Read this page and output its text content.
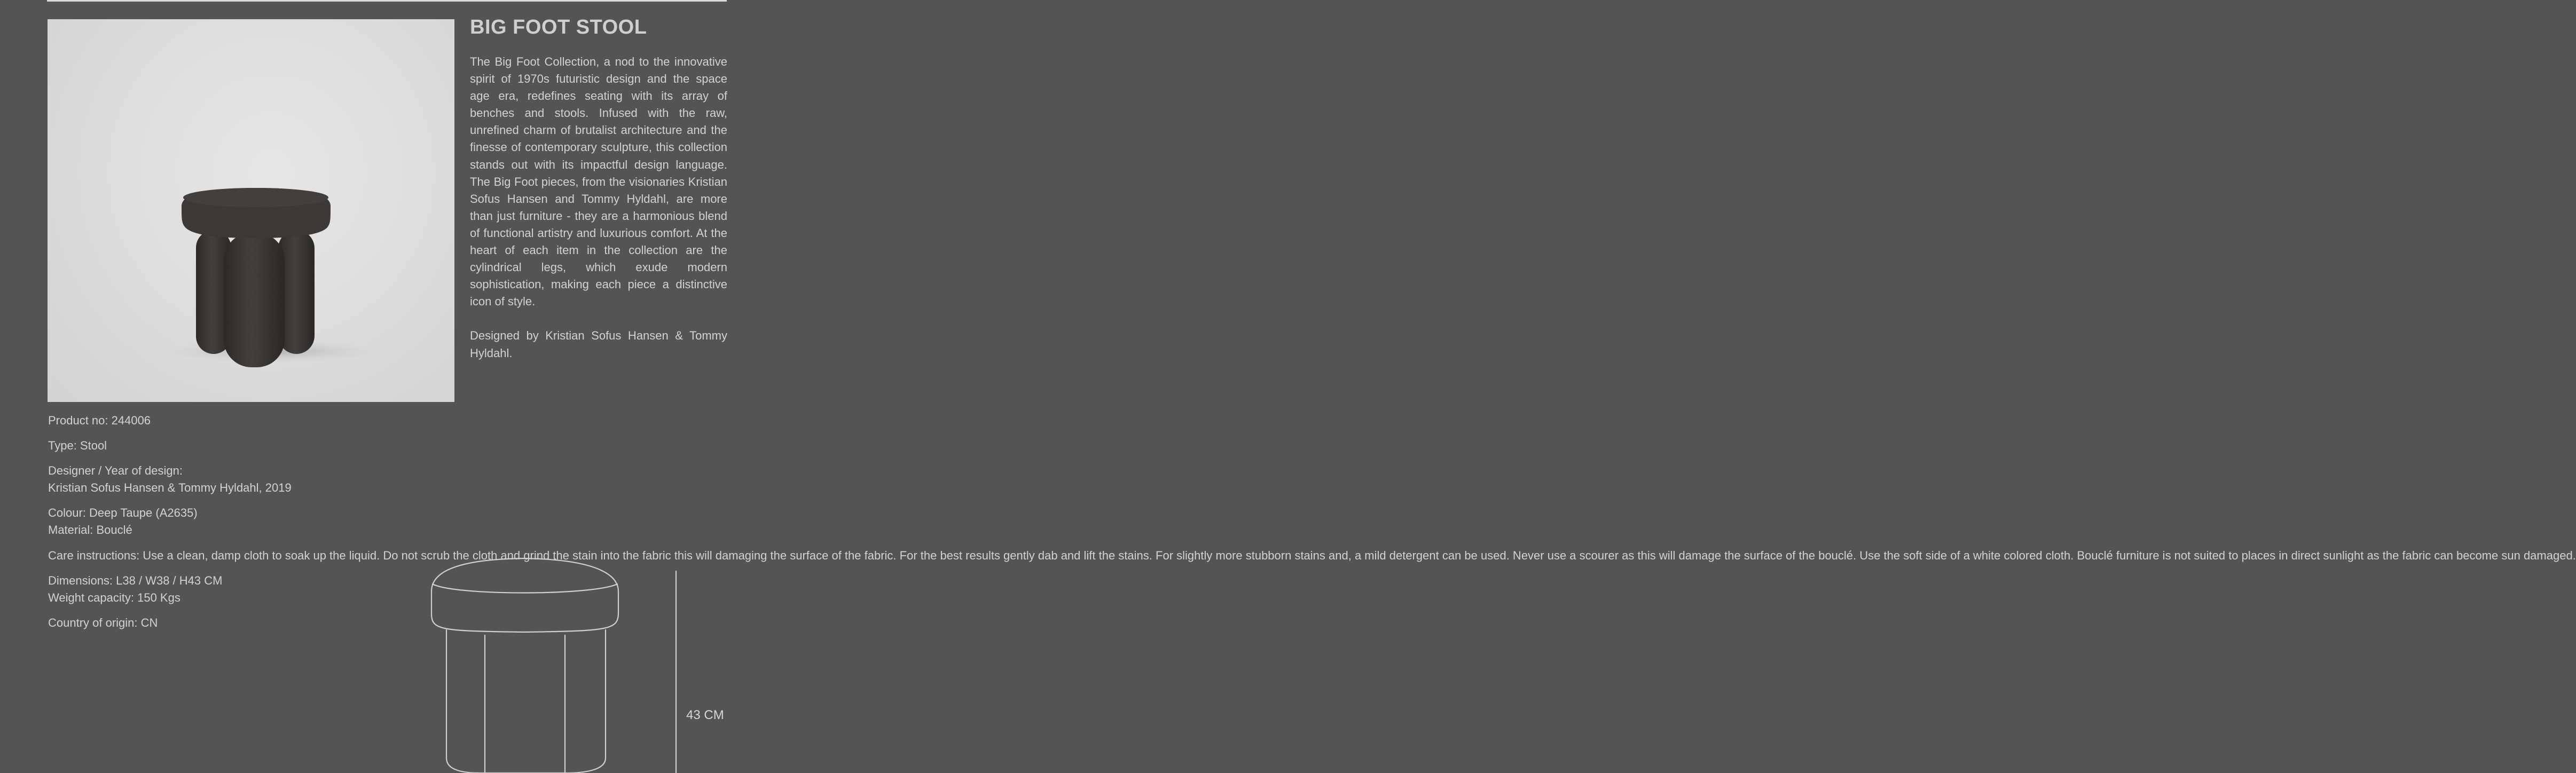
BIG FOOT STOOL

The Big Foot Collection, a nod to the innovative spirit of 1970s futuristic design and the space age era, redefines seating with its array of benches and stools. Infused with the raw, unrefined charm of brutalist architecture and the finesse of contemporary sculpture, this collection stands out with its impactful design language. The Big Foot pieces, from the visionaries Kristian Sofus Hansen and Tommy Hyldahl, are more than just furniture - they are a harmonious blend of functional artistry and luxurious comfort. At the heart of each item in the collection are the cylindrical legs, which exude modern sophistication, making each piece a distinctive icon of style.

Designed by Kristian Sofus Hansen & Tommy Hyldahl.

Product no: 244006
Type: Stool
Designer / Year of design:
Kristian Sofus Hansen & Tommy Hyldahl, 2019
Colour: Deep Taupe (A2635)
Material: Bouclé
Care instructions: Use a clean, damp cloth to soak up the liquid. Do not scrub the cloth and grind the stain into the fabric this will damaging the surface of the fabric. For the best results gently dab and lift the stains. For slightly more stubborn stains and, a mild detergent can be used. Never use a scourer as this will damage the surface of the bouclé. Use the soft side of a white colored cloth. Bouclé furniture is not suited to places in direct sunlight as the fabric can become sun damaged.
Dimensions: L38 / W38 / H43 CM
Weight capacity: 150 Kgs
Country of origin: CN
43 CM
